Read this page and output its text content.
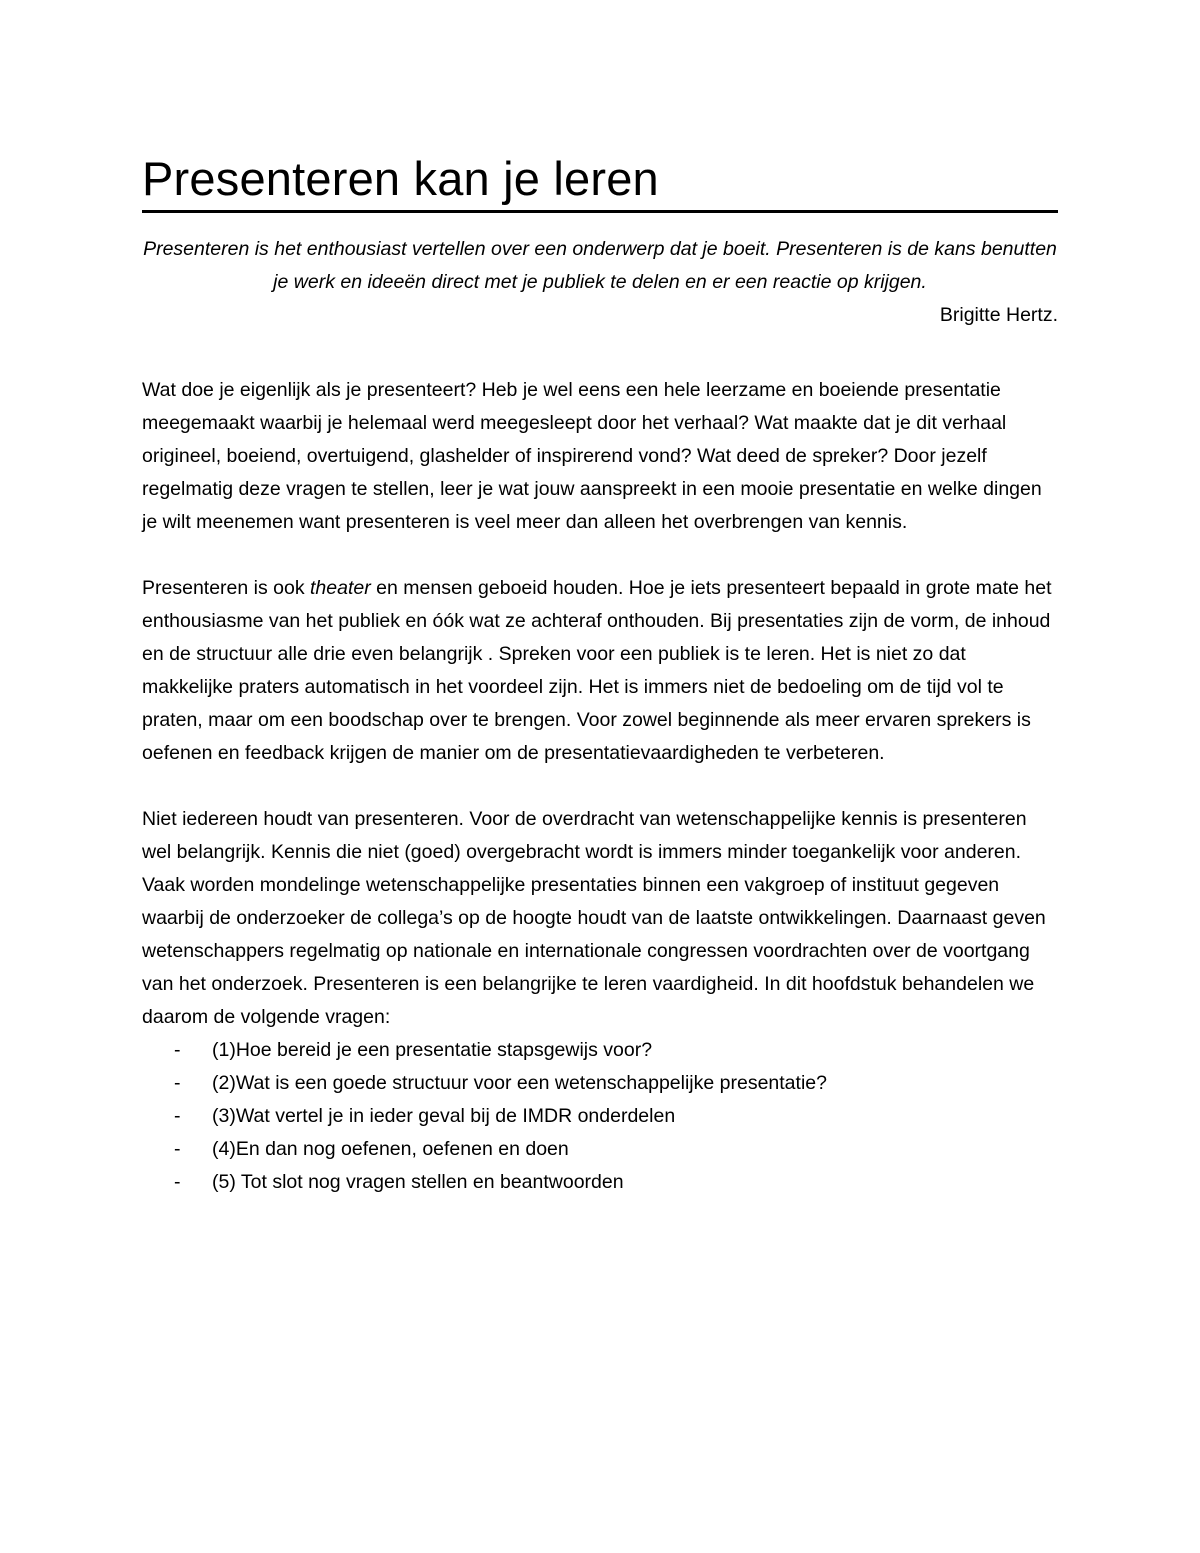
Presenteren kan je leren
Presenteren is het enthousiast vertellen over een onderwerp dat je boeit. Presenteren is de kans benutten je werk en ideeën direct met je publiek te delen en er een reactie op krijgen.
Brigitte Hertz.

Wat doe je eigenlijk als je presenteert? Heb je wel eens een hele leerzame en boeiende presentatie meegemaakt waarbij je helemaal werd meegesleept door het verhaal? Wat maakte dat je dit verhaal origineel, boeiend, overtuigend, glashelder of inspirerend vond? Wat deed de spreker? Door jezelf regelmatig deze vragen te stellen, leer je wat jouw aanspreekt in een mooie presentatie en welke dingen je wilt meenemen want presenteren is veel meer dan alleen het overbrengen van kennis.

Presenteren is ook theater en mensen geboeid houden. Hoe je iets presenteert bepaald in grote mate het enthousiasme van het publiek en óók wat ze achteraf onthouden. Bij presentaties zijn de vorm, de inhoud en de structuur alle drie even belangrijk . Spreken voor een publiek is te leren. Het is niet zo dat makkelijke praters automatisch in het voordeel zijn. Het is immers niet de bedoeling om de tijd vol te praten, maar om een boodschap over te brengen. Voor zowel beginnende als meer ervaren sprekers is oefenen en feedback krijgen de manier om de presentatievaardigheden te verbeteren.

Niet iedereen houdt van presenteren. Voor de overdracht van wetenschappelijke kennis is presenteren wel belangrijk. Kennis die niet (goed) overgebracht wordt is immers minder toegankelijk voor anderen. Vaak worden mondelinge wetenschappelijke presentaties binnen een vakgroep of instituut gegeven waarbij de onderzoeker de collega’s op de hoogte houdt van de laatste ontwikkelingen. Daarnaast geven wetenschappers regelmatig op nationale en internationale congressen voordrachten over de voortgang van het onderzoek. Presenteren is een belangrijke te leren vaardigheid. In dit hoofdstuk behandelen we daarom de volgende vragen:

- (1)Hoe bereid je een presentatie stapsgewijs voor?
- (2)Wat is een goede structuur voor een wetenschappelijke presentatie?
- (3)Wat vertel je in ieder geval bij de IMDR onderdelen
- (4)En dan nog oefenen, oefenen en doen
- (5) Tot slot nog vragen stellen en beantwoorden
